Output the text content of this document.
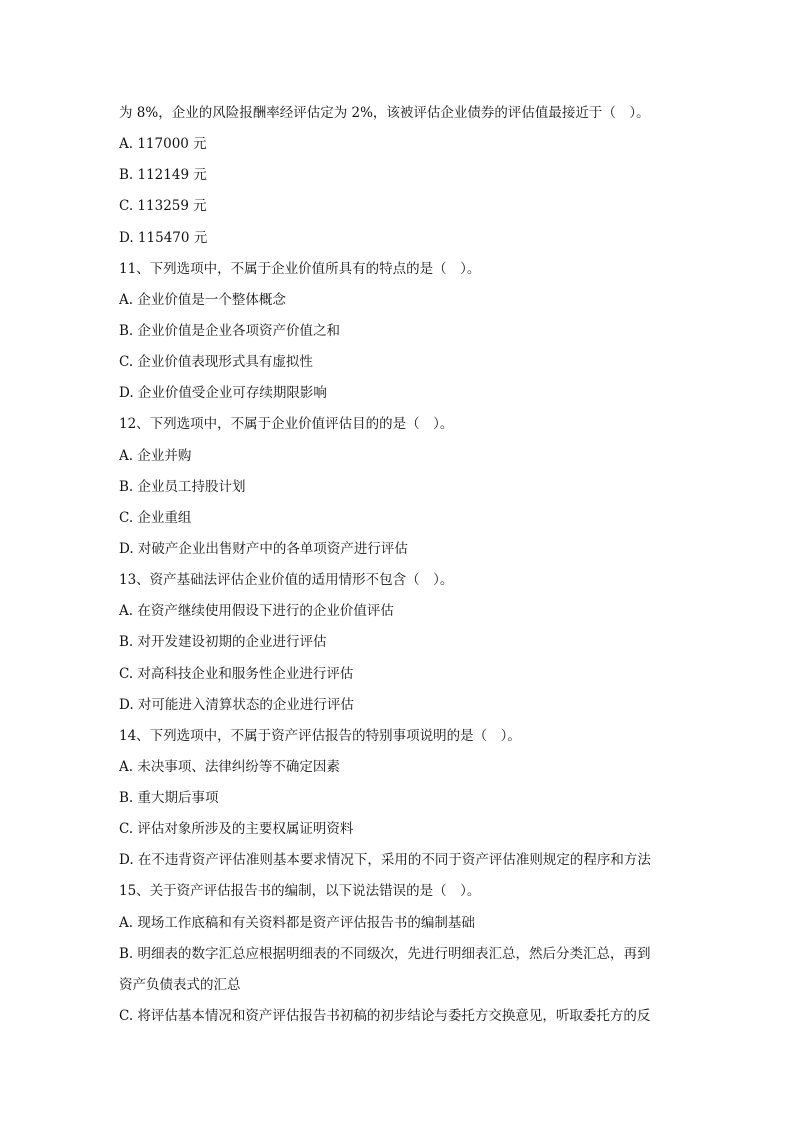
为 8%，企业的风险报酬率经评估定为 2%，该被评估企业债券的评估值最接近于（　）。
A. 117000 元
B. 112149 元
C. 113259 元
D. 115470 元
11、下列选项中，不属于企业价值所具有的特点的是（　）。
A. 企业价值是一个整体概念
B. 企业价值是企业各项资产价值之和
C. 企业价值表现形式具有虚拟性
D. 企业价值受企业可存续期限影响
12、下列选项中，不属于企业价值评估目的的是（　）。
A. 企业并购
B. 企业员工持股计划
C. 企业重组
D. 对破产企业出售财产中的各单项资产进行评估
13、资产基础法评估企业价值的适用情形不包含（　）。
A. 在资产继续使用假设下进行的企业价值评估
B. 对开发建设初期的企业进行评估
C. 对高科技企业和服务性企业进行评估
D. 对可能进入清算状态的企业进行评估
14、下列选项中，不属于资产评估报告的特别事项说明的是（　）。
A. 未决事项、法律纠纷等不确定因素
B. 重大期后事项
C. 评估对象所涉及的主要权属证明资料
D. 在不违背资产评估准则基本要求情况下，采用的不同于资产评估准则规定的程序和方法
15、关于资产评估报告书的编制，以下说法错误的是（　）。
A. 现场工作底稿和有关资料都是资产评估报告书的编制基础
B. 明细表的数字汇总应根据明细表的不同级次，先进行明细表汇总，然后分类汇总，再到
资产负债表式的汇总
C. 将评估基本情况和资产评估报告书初稿的初步结论与委托方交换意见，听取委托方的反
